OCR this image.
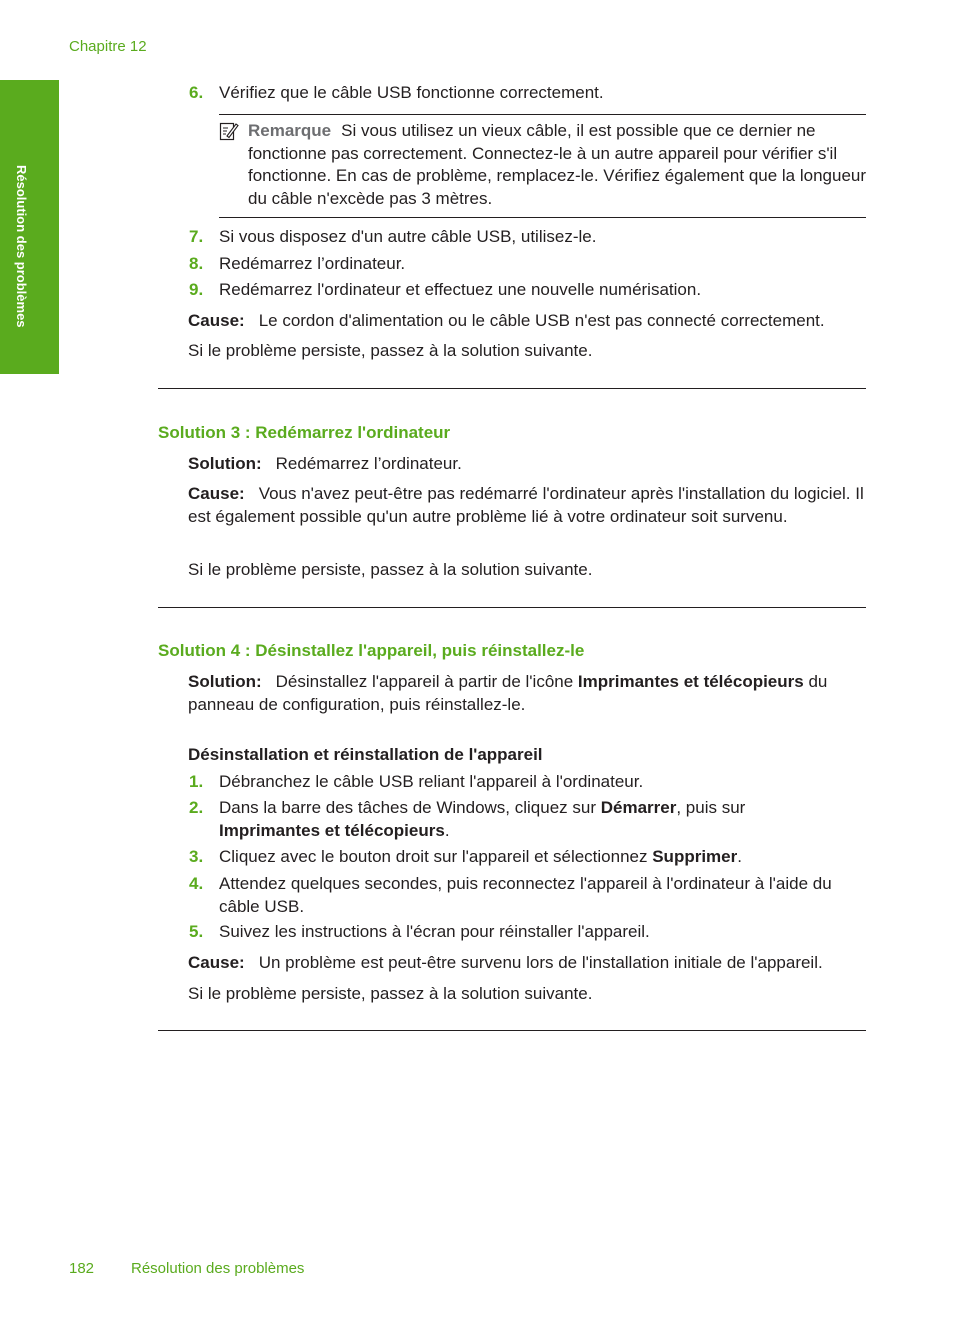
Chapitre 12
Résolution des problèmes
6. Vérifiez que le câble USB fonctionne correctement.
Remarque Si vous utilisez un vieux câble, il est possible que ce dernier ne fonctionne pas correctement. Connectez-le à un autre appareil pour vérifier s'il fonctionne. En cas de problème, remplacez-le. Vérifiez également que la longueur du câble n'excède pas 3 mètres.
7. Si vous disposez d'un autre câble USB, utilisez-le.
8. Redémarrez l’ordinateur.
9. Redémarrez l'ordinateur et effectuez une nouvelle numérisation.
Cause: Le cordon d'alimentation ou le câble USB n'est pas connecté correctement.
Si le problème persiste, passez à la solution suivante.
Solution 3 : Redémarrez l'ordinateur
Solution: Redémarrez l’ordinateur.
Cause: Vous n'avez peut-être pas redémarré l'ordinateur après l'installation du logiciel. Il est également possible qu'un autre problème lié à votre ordinateur soit survenu.
Si le problème persiste, passez à la solution suivante.
Solution 4 : Désinstallez l'appareil, puis réinstallez-le
Solution: Désinstallez l'appareil à partir de l'icône Imprimantes et télécopieurs du panneau de configuration, puis réinstallez-le.
Désinstallation et réinstallation de l'appareil
1. Débranchez le câble USB reliant l'appareil à l'ordinateur.
2. Dans la barre des tâches de Windows, cliquez sur Démarrer, puis sur
Imprimantes et télécopieurs.
3. Cliquez avec le bouton droit sur l'appareil et sélectionnez Supprimer.
4. Attendez quelques secondes, puis reconnectez l'appareil à l'ordinateur à l'aide du câble USB.
5. Suivez les instructions à l'écran pour réinstaller l'appareil.
Cause: Un problème est peut-être survenu lors de l'installation initiale de l'appareil.
Si le problème persiste, passez à la solution suivante.
182 Résolution des problèmes
